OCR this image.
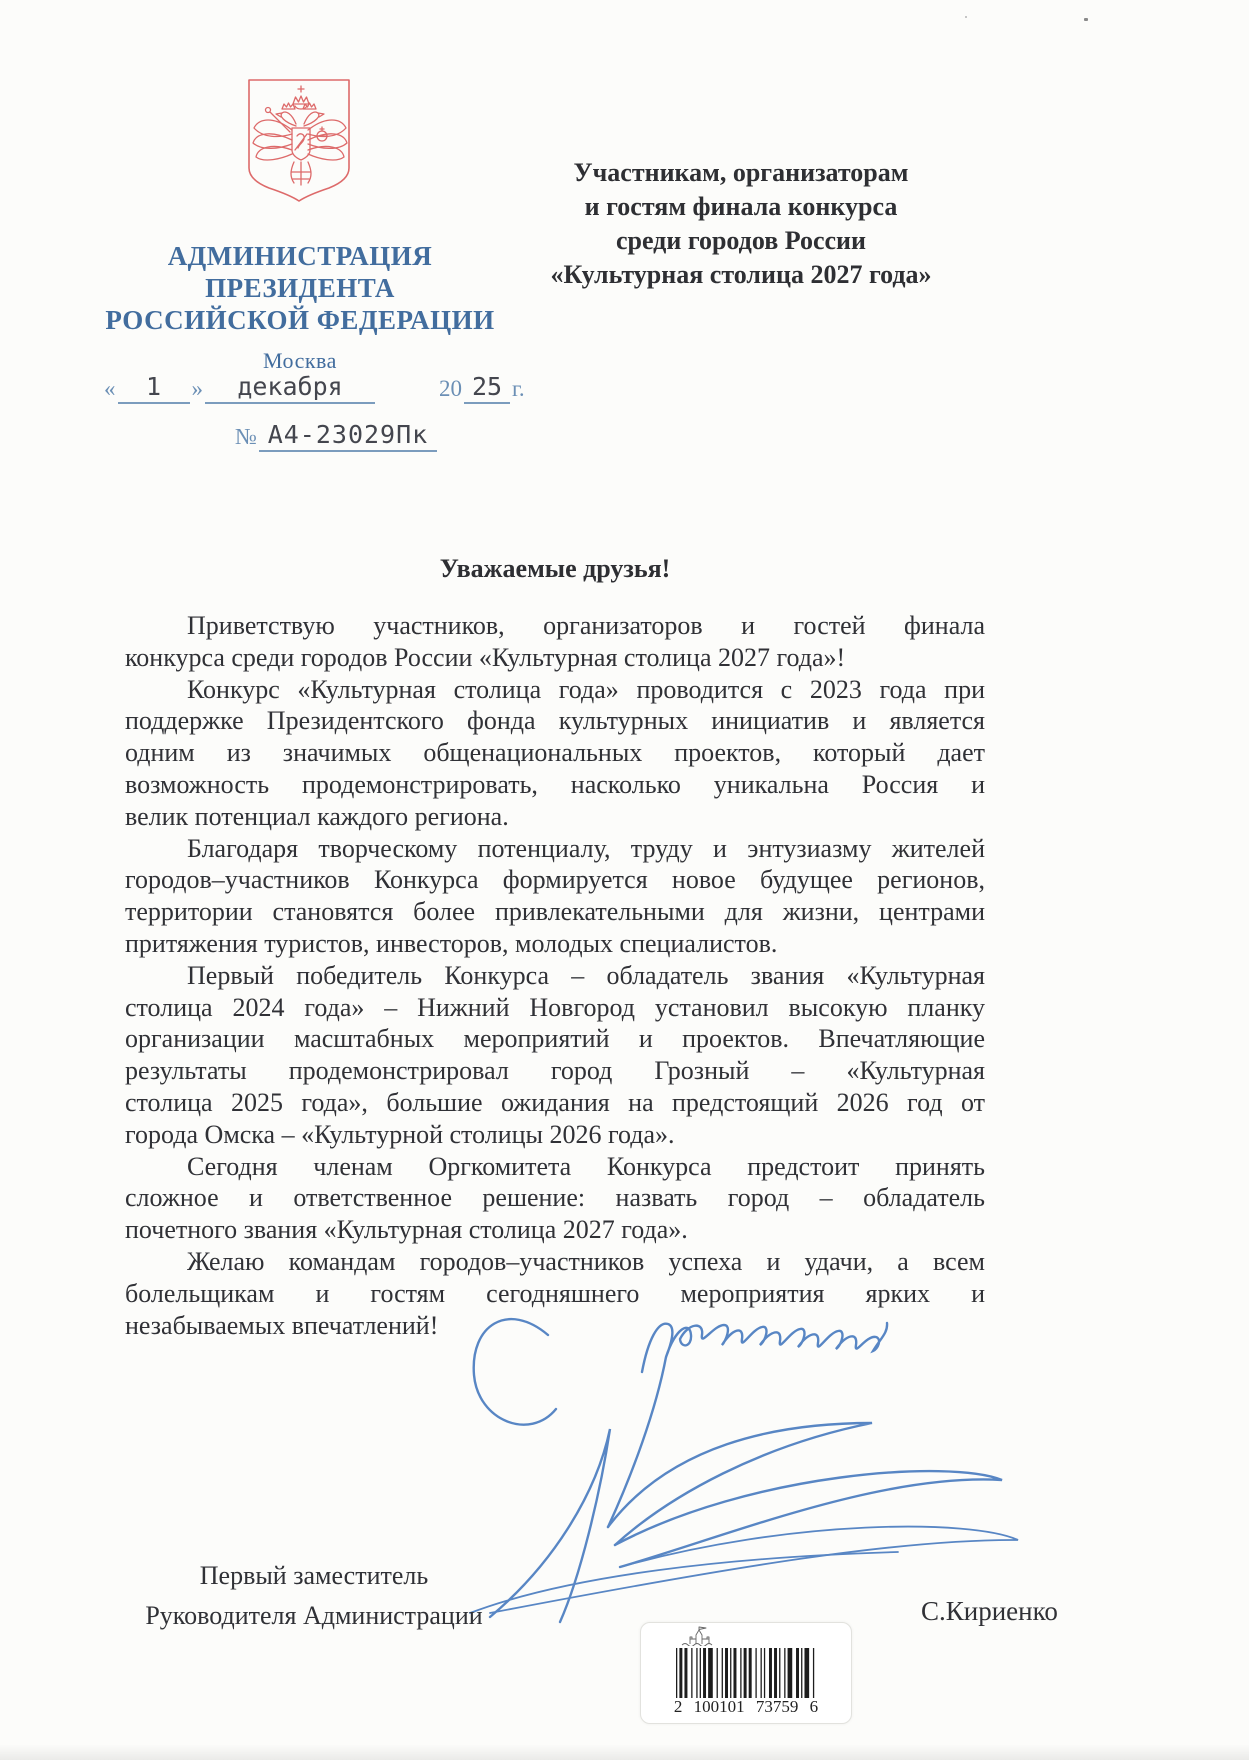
АДМИНИСТРАЦИЯ
ПРЕЗИДЕНТА
РОССИЙСКОЙ ФЕДЕРАЦИИ
Москва
«	1	»	декабря	20 25 г.
№ А4-23029Пк
Участникам, организаторам
и гостям финала конкурса
среди городов России
«Культурная столица 2027 года»
Уважаемые друзья!
Приветствую участников, организаторов и гостей финала
конкурса среди городов России «Культурная столица 2027 года»!
Конкурс «Культурная столица года» проводится с 2023 года при
поддержке Президентского фонда культурных инициатив и является
одним из значимых общенациональных проектов, который дает
возможность продемонстрировать, насколько уникальна Россия и
велик потенциал каждого региона.
Благодаря творческому потенциалу, труду и энтузиазму жителей
городов–участников Конкурса формируется новое будущее регионов,
территории становятся более привлекательными для жизни, центрами
притяжения туристов, инвесторов, молодых специалистов.
Первый победитель Конкурса – обладатель звания «Культурная
столица 2024 года» – Нижний Новгород установил высокую планку
организации масштабных мероприятий и проектов. Впечатляющие
результаты продемонстрировал город Грозный – «Культурная
столица 2025 года», большие ожидания на предстоящий 2026 год от
города Омска – «Культурной столицы 2026 года».
Сегодня членам Оргкомитета Конкурса предстоит принять
сложное и ответственное решение: назвать город – обладатель
почетного звания «Культурная столица 2027 года».
Желаю командам городов–участников успеха и удачи, а всем
болельщикам и гостям сегодняшнего мероприятия ярких и
незабываемых впечатлений!
Первый заместитель
Руководителя Администрации	С.Кириенко
2 100101 73759 6
